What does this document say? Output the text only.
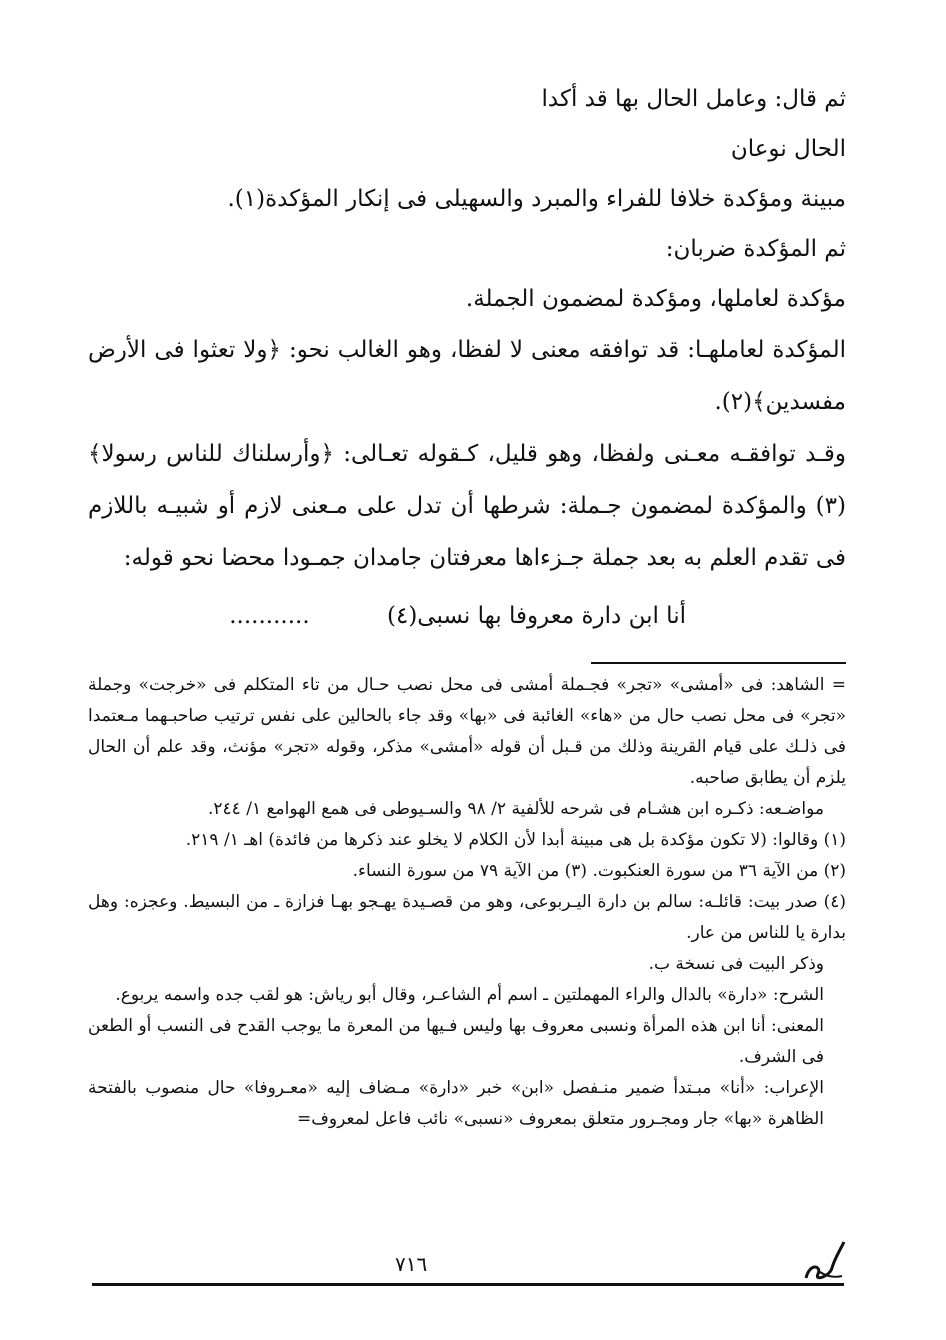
ثم قال: وعامل الحال بها قد أكدا

الحال نوعان

مبينة ومؤكدة خلافا للفراء والمبرد والسهيلى فى إنكار المؤكدة(١).

ثم المؤكدة ضربان:

مؤكدة لعاملها، ومؤكدة لمضمون الجملة.

المؤكدة لعاملهـا: قد توافقه معنى لا لفظا، وهو الغالب نحو: ﴿ولا تعثوا فى الأرض مفسدين﴾(٢).

وقـد توافقـه معـنى ولفظا، وهو قليل، كـقوله تعـالى: ﴿وأرسلناك للناس رسولا﴾(٣) والمؤكدة لمضمون جـملة: شرطها أن تدل على مـعنى لازم أو شبيـه باللازم فى تقدم العلم به بعد جملة جـزءاها معرفتان جامدان جمـودا محضا نحو قوله:

أنا ابن دارة معروفا بها نسبى(٤) ...........

= الشاهد: فى «أمشى» «تجر» فجـملة أمشى فى محل نصب حـال من تاء المتكلم فى «خرجت» وجملة «تجر» فى محل نصب حال من «هاء» الغائبة فى «بها» وقد جاء بالحالين على نفس ترتيب صاحبـهما مـعتمدا فى ذلـك على قيام القرينة وذلك من قـبل أن قوله «أمشى» مذكر، وقوله «تجر» مؤنث، وقد علم أن الحال يلزم أن يطابق صاحبه.

مواضـعه: ذكـره ابن هشـام فى شرحه للألفية ٢/ ٩٨ والسـيوطى فى همع الهوامع ١/ ٢٤٤.

(١) وقالوا: (لا تكون مؤكدة بل هى مبينة أبدا لأن الكلام لا يخلو عند ذكرها من فائدة) اهـ ١/ ٢١٩.

(٢) من الآية ٣٦ من سورة العنكبوت. (٣) من الآية ٧٩ من سورة النساء.

(٤) صدر بيت: قائلـه: سالم بن دارة اليـربوعى، وهو من قصـيدة يهـجو بهـا فزازة ـ من البسيط. وعجزه: وهل بدارة يا للناس من عار.

وذكر البيت فى نسخة ب.

الشرح: «دارة» بالدال والراء المهملتين ـ اسم أم الشاعـر، وقال أبو رياش: هو لقب جده واسمه يربوع.

المعنى: أنا ابن هذه المرأة ونسبى معروف بها وليس فـيها من المعرة ما يوجب القدح فى النسب أو الطعن فى الشرف.

الإعراب: «أنا» مبـتدأ ضمير منـفصل «ابن» خبر «دارة» مـضاف إليه «معـروفا» حال منصوب بالفتحة الظاهرة «بها» جار ومجـرور متعلق بمعروف «نسبى» نائب فاعل لمعروف=

٧١٦
